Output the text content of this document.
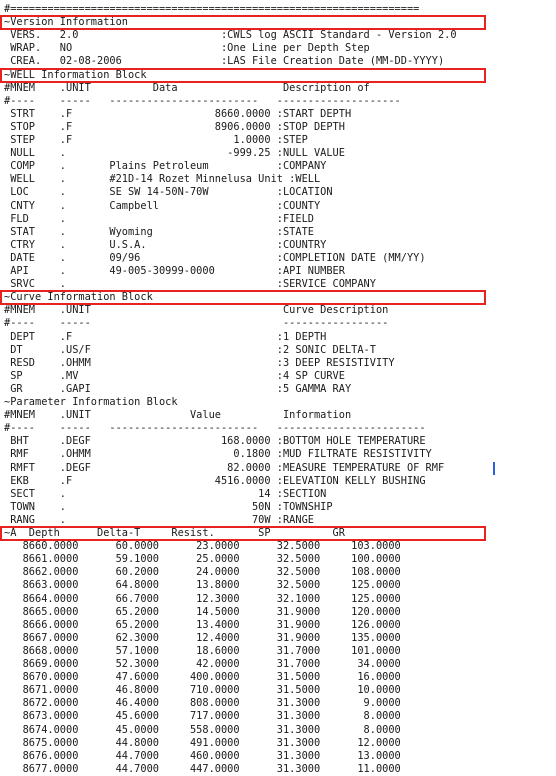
#==================================================================
~Version Information
VERS.   2.0                       :CWLS log ASCII Standard - Version 2.0
WRAP.   NO                        :One Line per Depth Step
CREA.   02-08-2006                :LAS File Creation Date (MM-DD-YYYY)
~WELL Information Block
#MNEM    .UNIT          Data                 Description of
#----    -----   ------------------------   --------------------
STRT    .F                       8660.0000 :START DEPTH
STOP    .F                       8906.0000 :STOP DEPTH
STEP    .F                          1.0000 :STEP
NULL    .                          -999.25 :NULL VALUE
COMP    .       Plains Petroleum           :COMPANY
WELL    .       #21D-14 Rozet Minnelusa Unit :WELL
LOC     .       SE SW 14-50N-70W           :LOCATION
CNTY    .       Campbell                   :COUNTY
FLD     .                                  :FIELD
STAT    .       Wyoming                    :STATE
CTRY    .       U.S.A.                     :COUNTRY
DATE    .       09/96                      :COMPLETION DATE (MM/YY)
API     .       49-005-30999-0000          :API NUMBER
SRVC    .                                  :SERVICE COMPANY
~Curve Information Block
#MNEM    .UNIT                               Curve Description
#----    -----                               -----------------
DEPT    .F                                 :1 DEPTH
DT      .US/F                              :2 SONIC DELTA-T
RESD    .OHMM                              :3 DEEP RESISTIVITY
SP      .MV                                :4 SP CURVE
GR      .GAPI                              :5 GAMMA RAY
~Parameter Information Block
#MNEM    .UNIT                Value          Information
#----    -----   ------------------------   ------------------------
BHT     .DEGF                     168.0000 :BOTTOM HOLE TEMPERATURE
RMF     .OHMM                       0.1800 :MUD FILTRATE RESISTIVITY
RMFT    .DEGF                      82.0000 :MEASURE TEMPERATURE OF RMF
EKB     .F                       4516.0000 :ELEVATION KELLY BUSHING
SECT    .                               14 :SECTION
TOWN    .                              50N :TOWNSHIP
RANG    .                              70W :RANGE
~A  Depth      Delta-T     Resist.       SP          GR
8660.0000      60.0000      23.0000      32.5000     103.0000
8661.0000      59.1000      25.0000      32.5000     100.0000
8662.0000      60.2000      24.0000      32.5000     108.0000
8663.0000      64.8000      13.8000      32.5000     125.0000
8664.0000      66.7000      12.3000      32.1000     125.0000
8665.0000      65.2000      14.5000      31.9000     120.0000
8666.0000      65.2000      13.4000      31.9000     126.0000
8667.0000      62.3000      12.4000      31.9000     135.0000
8668.0000      57.1000      18.6000      31.7000     101.0000
8669.0000      52.3000      42.0000      31.7000      34.0000
8670.0000      47.6000     400.0000      31.5000      16.0000
8671.0000      46.8000     710.0000      31.5000      10.0000
8672.0000      46.4000     808.0000      31.3000       9.0000
8673.0000      45.6000     717.0000      31.3000       8.0000
8674.0000      45.0000     558.0000      31.3000       8.0000
8675.0000      44.8000     491.0000      31.3000      12.0000
8676.0000      44.7000     460.0000      31.3000      13.0000
8677.0000      44.7000     447.0000      31.3000      11.0000
